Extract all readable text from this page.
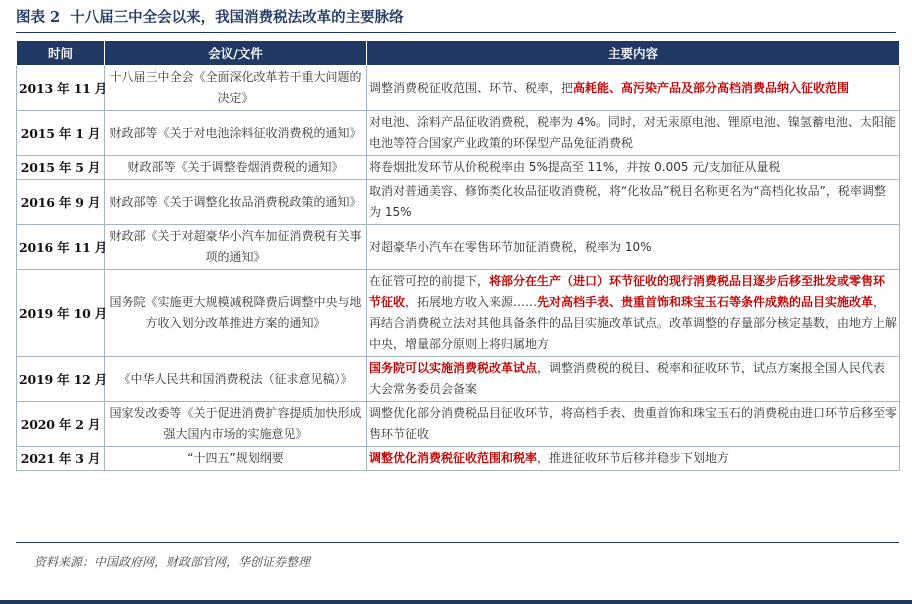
图表 2 十八届三中全会以来，我国消费税法改革的主要脉络
时间	会议/文件	主要内容
2013 年 11 月	十八届三中全会《全面深化改革若干重大问题的决定》	调整消费税征收范围、环节、税率，把高耗能、高污染产品及部分高档消费品纳入征收范围
2015 年 1 月	财政部等《关于对电池涂料征收消费税的通知》	对电池、涂料产品征收消费税，税率为 4%。同时，对无汞原电池、锂原电池、镍氢蓄电池、太阳能电池等符合国家产业政策的环保型产品免征消费税
2015 年 5 月	财政部等《关于调整卷烟消费税的通知》	将卷烟批发环节从价税税率由 5%提高至 11%，并按 0.005 元/支加征从量税
2016 年 9 月	财政部等《关于调整化妆品消费税政策的通知》	取消对普通美容、修饰类化妆品征收消费税，将“化妆品”税目名称更名为“高档化妆品”，税率调整为 15%
2016 年 11 月	财政部《关于对超豪华小汽车加征消费税有关事项的通知》	对超豪华小汽车在零售环节加征消费税，税率为 10%
2019 年 10 月	国务院《实施更大规模减税降费后调整中央与地方收入划分改革推进方案的通知》	在征管可控的前提下，将部分在生产（进口）环节征收的现行消费税品目逐步后移至批发或零售环节征收，拓展地方收入来源……先对高档手表、贵重首饰和珠宝玉石等条件成熟的品目实施改革，再结合消费税立法对其他具备条件的品目实施改革试点。改革调整的存量部分核定基数，由地方上解中央，增量部分原则上将归属地方
2019 年 12 月	《中华人民共和国消费税法（征求意见稿）》	国务院可以实施消费税改革试点，调整消费税的税目、税率和征收环节，试点方案报全国人民代表大会常务委员会备案
2020 年 2 月	国家发改委等《关于促进消费扩容提质加快形成强大国内市场的实施意见》	调整优化部分消费税品目征收环节，将高档手表、贵重首饰和珠宝玉石的消费税由进口环节后移至零售环节征收
2021 年 3 月	“十四五”规划纲要	调整优化消费税征收范围和税率，推进征收环节后移并稳步下划地方
资料来源：中国政府网，财政部官网，华创证券整理
